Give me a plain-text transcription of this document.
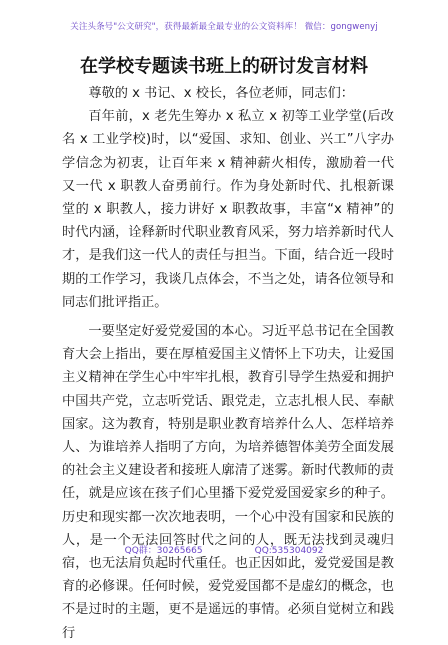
关注头条号"公文研究"，获得最新最全最专业的公文资料库！ 微信：gongwenyj
在学校专题读书班上的研讨发言材料

尊敬的 x 书记、x 校长，各位老师，同志们：

百年前，x 老先生筹办 x 私立 x 初等工业学堂(后改名 x 工业学校)时，以“爱国、求知、创业、兴工”八字办学信念为初衷，让百年来 x 精神薪火相传，激励着一代又一代 x 职教人奋勇前行。作为身处新时代、扎根新课堂的 x 职教人，接力讲好 x 职教故事，丰富“x 精神”的时代内涵，诠释新时代职业教育风采，努力培养新时代人才，是我们这一代人的责任与担当。下面，结合近一段时期的工作学习，我谈几点体会，不当之处，请各位领导和同志们批评指正。

一要坚定好爱党爱国的本心。习近平总书记在全国教育大会上指出，要在厚植爱国主义情怀上下功夫，让爱国主义精神在学生心中牢牢扎根，教育引导学生热爱和拥护中国共产党，立志听党话、跟党走，立志扎根人民、奉献国家。这为教育，特别是职业教育培养什么人、怎样培养人、为谁培养人指明了方向，为培养德智体美劳全面发展的社会主义建设者和接班人廓清了迷雾。新时代教师的责任，就是应该在孩子们心里播下爱党爱国爱家乡的种子。历史和现实都一次次地表明，一个心中没有国家和民族的人，是一个无法回答时代之问的人，既无法找到灵魂归宿，也无法肩负起时代重任。也正因如此，爱党爱国是教育的必修课。任何时候，爱党爱国都不是虚幻的概念，也不是过时的主题，更不是遥远的事情。必须自觉树立和践行

QQ群：30265665	QQ:535304092
